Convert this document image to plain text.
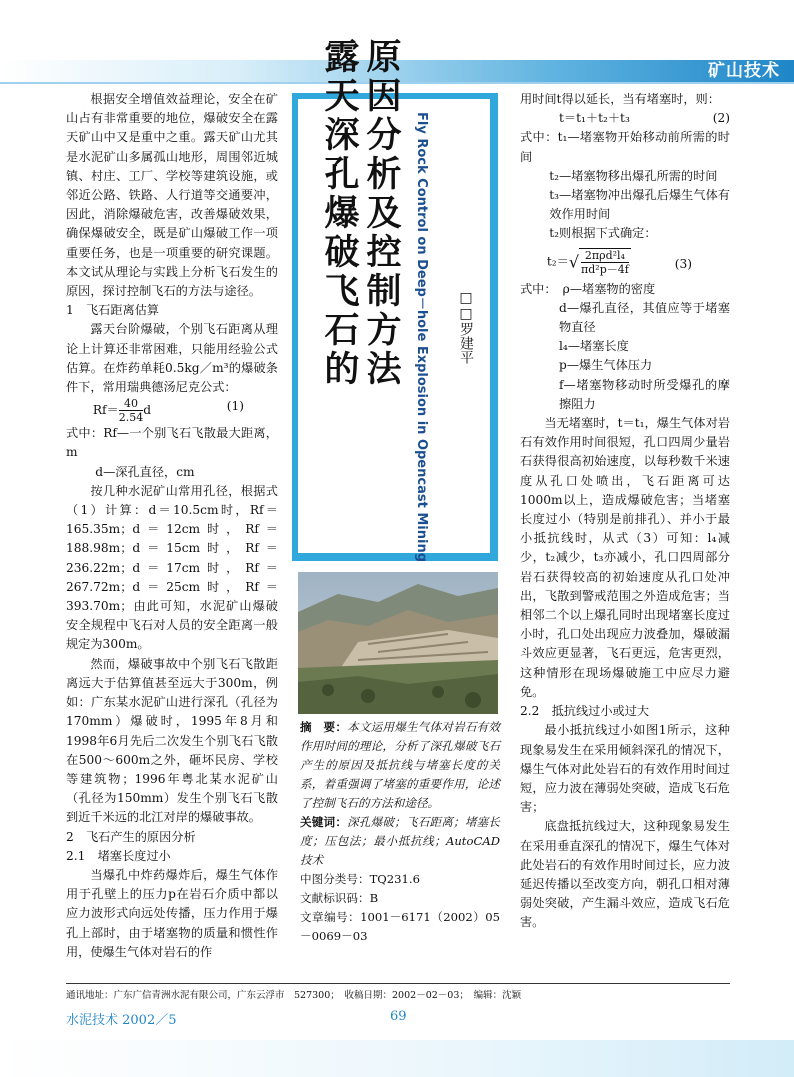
矿山技术

根据安全增值效益理论，安全在矿山占有非常重要的地位，爆破安全在露天矿山中又是重中之重。露天矿山尤其是水泥矿山多属孤山地形，周围邻近城镇、村庄、工厂、学校等建筑设施，或邻近公路、铁路、人行道等交通要冲，因此，消除爆破危害，改善爆破效果，确保爆破安全，既是矿山爆破工作一项重要任务，也是一项重要的研究课题。本文试从理论与实践上分析飞石发生的原因，探讨控制飞石的方法与途径。

1　飞石距离估算

露天台阶爆破，个别飞石距离从理论上计算还非常困难，只能用经验公式估算。在炸药单耗0.5kg／m³的爆破条件下，常用瑞典德汤尼克公式：

$Rf= \frac{40}{2.54}$ d	(1)

式中：Rf—一个别飞石飞散最大距离，m

d—深孔直径，cm

按几种水泥矿山常用孔径，根据式（1）计算：d＝10.5cm时，Rf＝165.35m；d＝12cm时，Rf＝188.98m；d＝15cm时，Rf＝236.22m；d＝17cm时，Rf＝267.72m；d＝25cm时，Rf＝393.70m；由此可知，水泥矿山爆破安全规程中飞石对人员的安全距离一般规定为300m。

然而，爆破事故中个别飞石飞散距离远大于估算值甚至远大于300m，例如：广东某水泥矿山进行深孔（孔径为170mm）爆破时，1995年8月和1998年6月先后二次发生个别飞石飞散在500～600m之外，砸坏民房、学校等建筑物；1996年粤北某水泥矿山（孔径为150mm）发生个别飞石飞散到近千米远的北江对岸的爆破事故。

2　飞石产生的原因分析
2.1　堵塞长度过小

当爆孔中炸药爆炸后，爆生气体作用于孔壁上的压力p在岩石介质中都以应力波形式向远处传播，压力作用于爆孔上部时，由于堵塞物的质量和惯性作用，使爆生气体对岩石的作

露天深孔爆破飞石的 原因分析及控制方法 Fly Rock Control on Deep－hole Explosion in Opencast Mining □□罗建平

摘　要：本文运用爆生气体对岩石有效作用时间的理论，分析了深孔爆破飞石产生的原因及抵抗线与堵塞长度的关系，着重强调了堵塞的重要作用，论述了控制飞石的方法和途径。

关键词：深孔爆破；飞石距离；堵塞长度；压包法；最小抵抗线；AutoCAD技术

中图分类号：TQ231.6

文献标识码：B

文章编号：1001－6171（2002）05－0069－03

用时间t得以延长，当有堵塞时，则：

t＝t₁＋t₂＋t₃	(2)

式中：t₁—堵塞物开始移动前所需的时　　间

t₂—堵塞物移出爆孔所需的时间

t₃—堵塞物冲出爆孔后爆生气体有效作用时间

t₂则根据下式确定：

$t_2=√ \frac{\text{2πρd²l₄}}{\text{πd²p－4f}}$	(3)

式中：　ρ—堵塞物的密度

d—爆孔直径，其值应等于堵塞物直径

l₄—堵塞长度

p—爆生气体压力

f—堵塞物移动时所受爆孔的摩擦阻力

当无堵塞时，t＝t₁，爆生气体对岩石有效作用时间很短，孔口四周少量岩石获得很高初始速度，以每秒数千米速度从孔口处喷出，飞石距离可达1000m以上，造成爆破危害；当堵塞长度过小（特别是前排孔）、并小于最小抵抗线时，从式（3）可知：l₄减少，t₂减少，t₃亦减小，孔口四周部分岩石获得较高的初始速度从孔口处冲出，飞散到警戒范围之外造成危害；当相邻二个以上爆孔同时出现堵塞长度过小时，孔口处出现应力波叠加，爆破漏斗效应更显著，飞石更远，危害更烈，这种情形在现场爆破施工中应尽力避免。

2.2　抵抗线过小或过大

最小抵抗线过小如图1所示，这种现象易发生在采用倾斜深孔的情况下，爆生气体对此处岩石的有效作用时间过短，应力波在薄弱处突破，造成飞石危害；

底盘抵抗线过大，这种现象易发生在采用垂直深孔的情况下，爆生气体对此处岩石的有效作用时间过长，应力波延迟传播以至改变方向，朝孔口相对薄弱处突破，产生漏斗效应，造成飞石危害。

通讯地址：广东广信青洲水泥有限公司，广东云浮市　527300；　收稿日期：2002－02－03；　编辑：沈颖
水泥技术 2002／5	69
